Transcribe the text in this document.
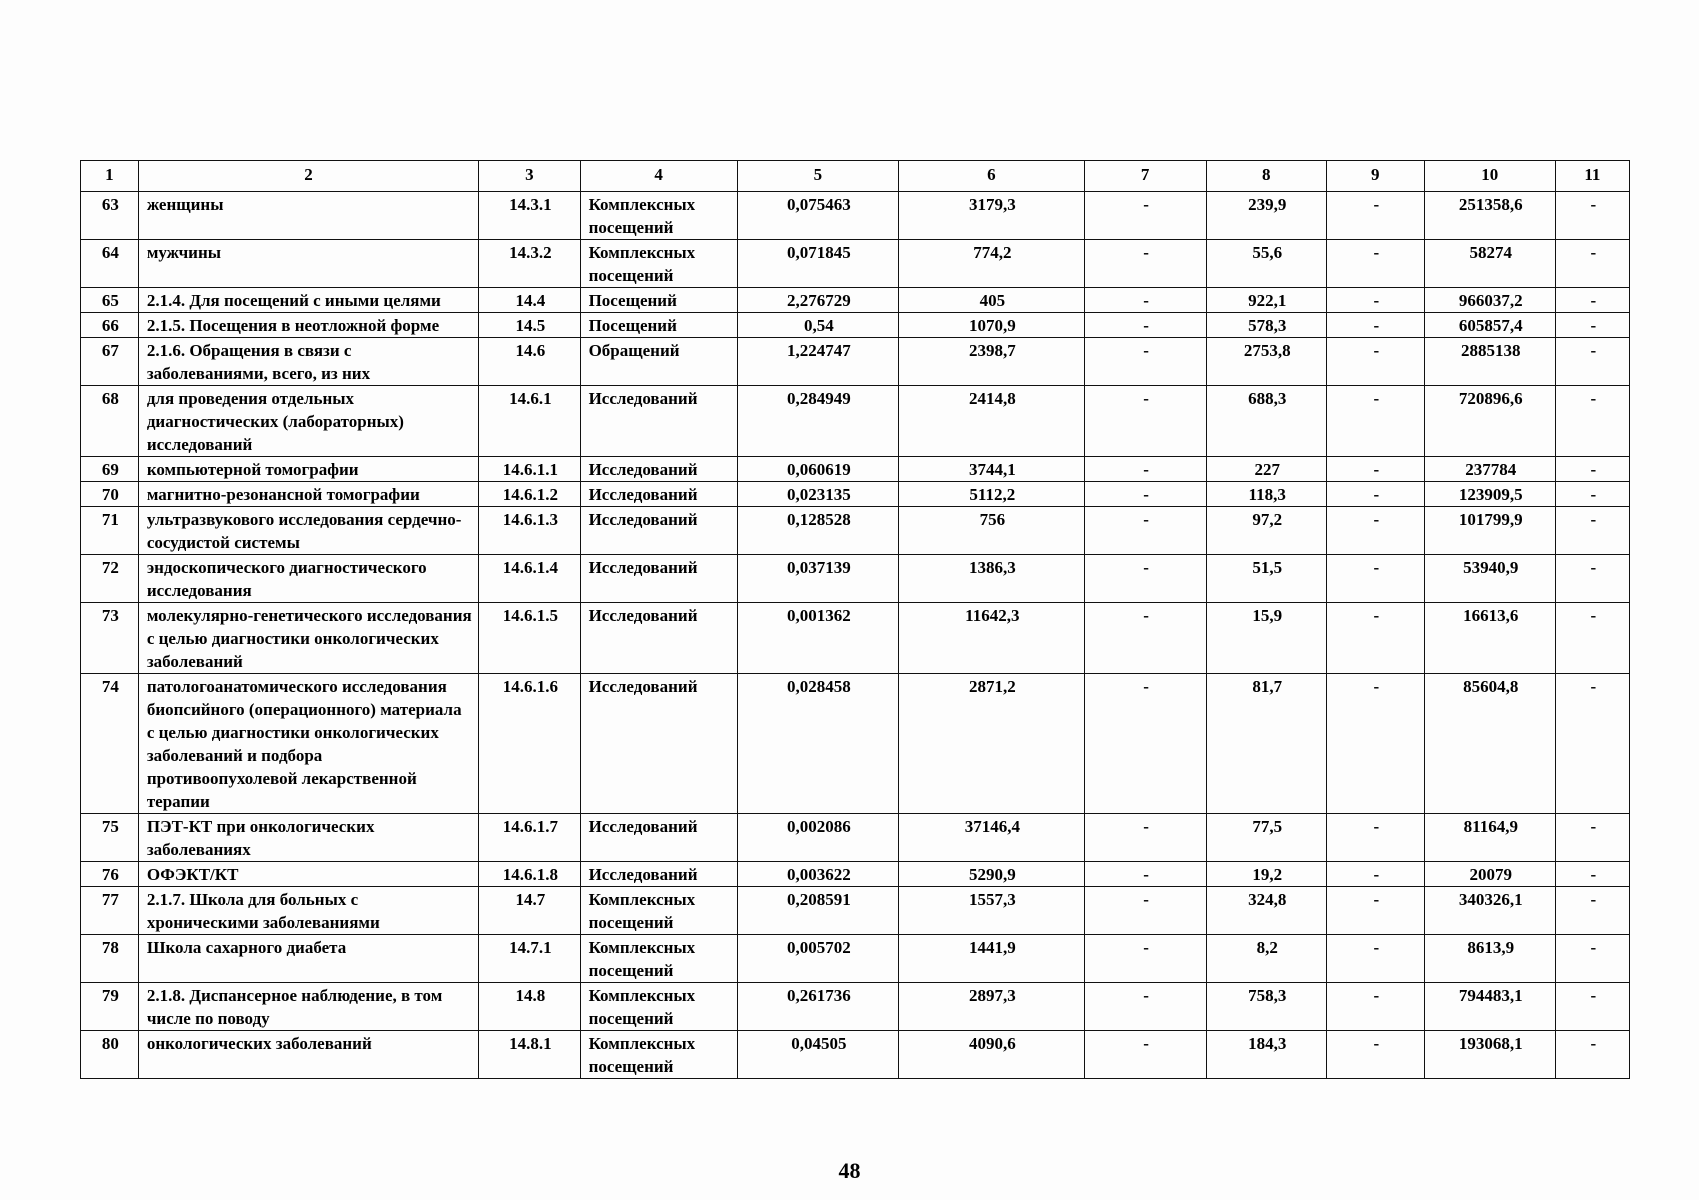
1	2	3	4	5	6	7	8	9	10	11
63	женщины	14.3.1	Комплексных посещений	0,075463	3179,3	-	239,9	-	251358,6	-
64	мужчины	14.3.2	Комплексных посещений	0,071845	774,2	-	55,6	-	58274	-
65	2.1.4. Для посещений с иными целями	14.4	Посещений	2,276729	405	-	922,1	-	966037,2	-
66	2.1.5. Посещения в неотложной форме	14.5	Посещений	0,54	1070,9	-	578,3	-	605857,4	-
67	2.1.6. Обращения в связи с заболеваниями, всего, из них	14.6	Обращений	1,224747	2398,7	-	2753,8	-	2885138	-
68	для проведения отдельных диагностических (лабораторных) исследований	14.6.1	Исследований	0,284949	2414,8	-	688,3	-	720896,6	-
69	компьютерной томографии	14.6.1.1	Исследований	0,060619	3744,1	-	227	-	237784	-
70	магнитно-резонансной томографии	14.6.1.2	Исследований	0,023135	5112,2	-	118,3	-	123909,5	-
71	ультразвукового исследования сердечно-сосудистой системы	14.6.1.3	Исследований	0,128528	756	-	97,2	-	101799,9	-
72	эндоскопического диагностического исследования	14.6.1.4	Исследований	0,037139	1386,3	-	51,5	-	53940,9	-
73	молекулярно-генетического исследования с целью диагностики онкологических заболеваний	14.6.1.5	Исследований	0,001362	11642,3	-	15,9	-	16613,6	-
74	патологоанатомического исследования биопсийного (операционного) материала с целью диагностики онкологических заболеваний и подбора противоопухолевой лекарственной терапии	14.6.1.6	Исследований	0,028458	2871,2	-	81,7	-	85604,8	-
75	ПЭТ-КТ при онкологических заболеваниях	14.6.1.7	Исследований	0,002086	37146,4	-	77,5	-	81164,9	-
76	ОФЭКТ/КТ	14.6.1.8	Исследований	0,003622	5290,9	-	19,2	-	20079	-
77	2.1.7. Школа для больных с хроническими заболеваниями	14.7	Комплексных посещений	0,208591	1557,3	-	324,8	-	340326,1	-
78	Школа сахарного диабета	14.7.1	Комплексных посещений	0,005702	1441,9	-	8,2	-	8613,9	-
79	2.1.8. Диспансерное наблюдение, в том числе по поводу	14.8	Комплексных посещений	0,261736	2897,3	-	758,3	-	794483,1	-
80	онкологических заболеваний	14.8.1	Комплексных посещений	0,04505	4090,6	-	184,3	-	193068,1	-
48
